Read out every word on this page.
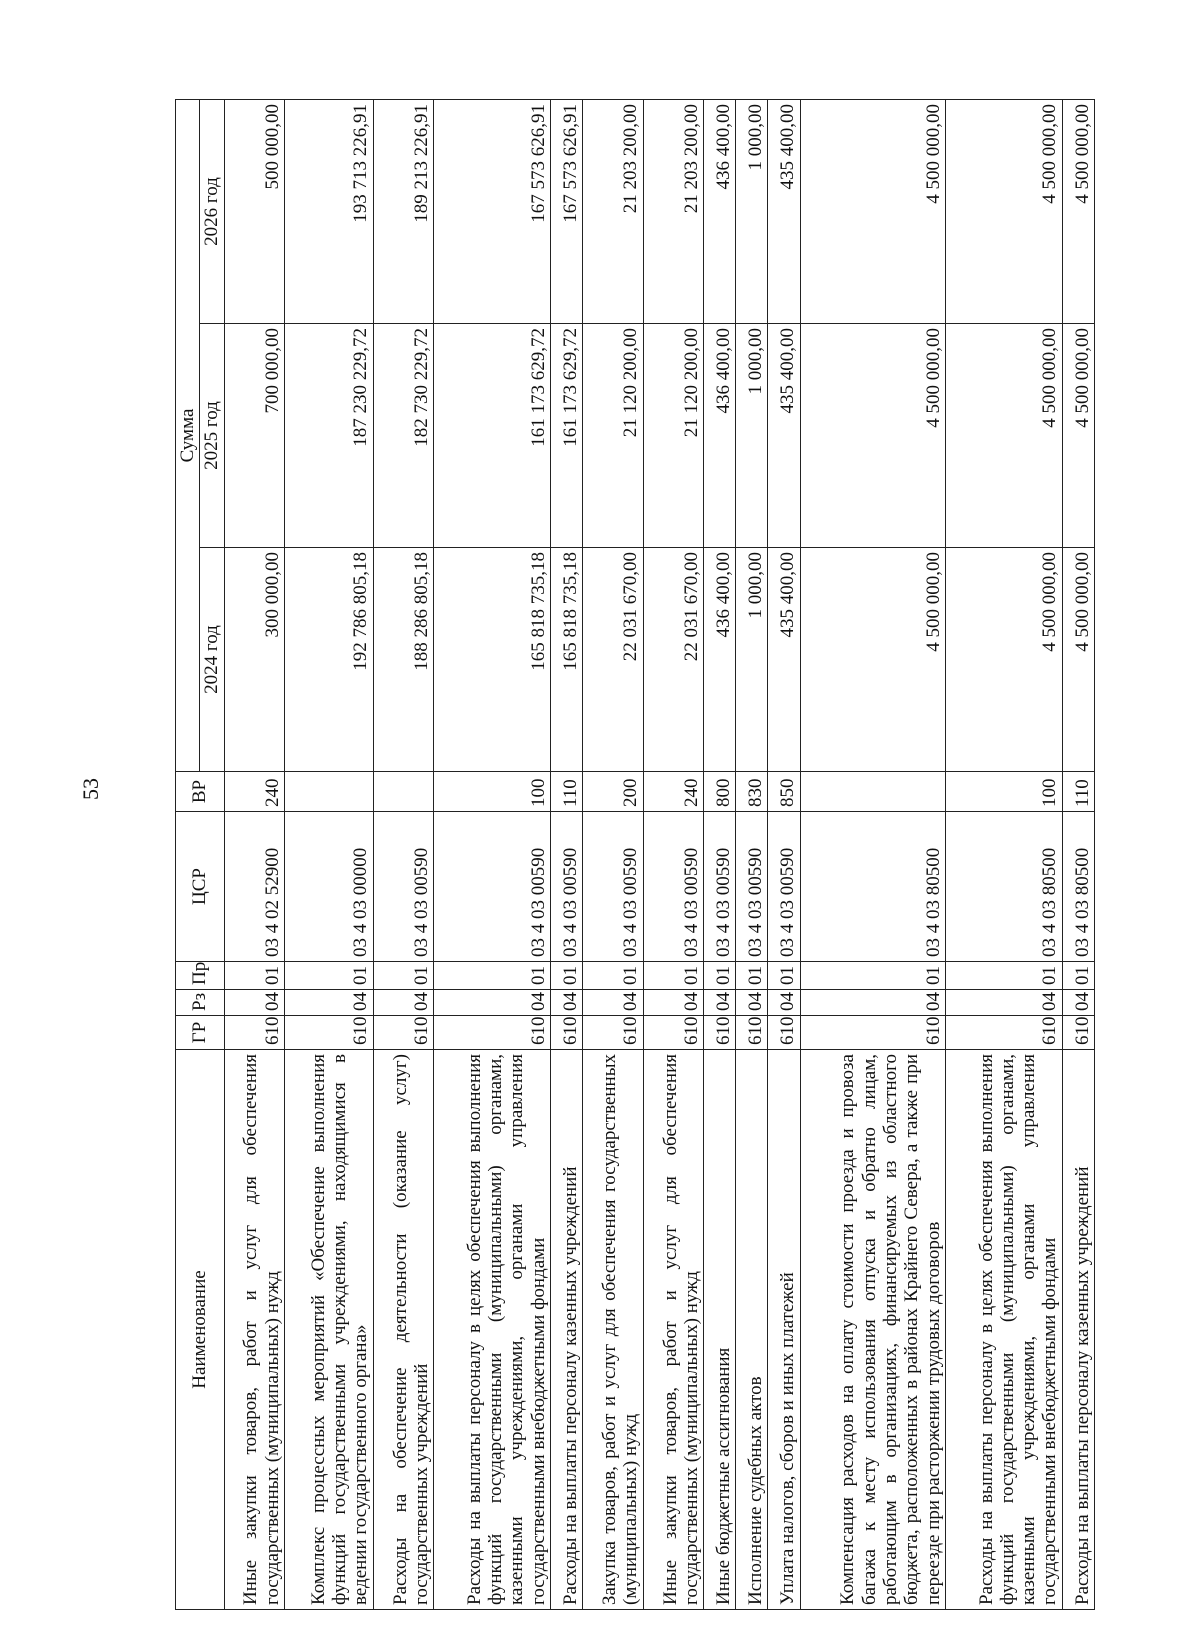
53
Наименование	ГР	Рз	Пр	ЦСР	ВР	Сумма		
						2024 год	2025 год	2026 год
Иные закупки товаров, работ и услуг для обеспечения государственных (муниципальных) нужд	610	04	01	03 4 02 52900	240	300 000,00	700 000,00	500 000,00
Комплекс процессных мероприятий «Обеспечение выполнения функций государственными учреждениями, находящимися в ведении государственного органа»	610	04	01	03 4 03 00000		192 786 805,18	187 230 229,72	193 713 226,91
Расходы на обеспечение деятельности (оказание услуг) государственных учреждений	610	04	01	03 4 03 00590		188 286 805,18	182 730 229,72	189 213 226,91
Расходы на выплаты персоналу в целях обеспечения выполнения функций государственными (муниципальными) органами, казенными учреждениями, органами управления государственными внебюджетными фондами	610	04	01	03 4 03 00590	100	165 818 735,18	161 173 629,72	167 573 626,91
Расходы на выплаты персоналу казенных учреждений	610	04	01	03 4 03 00590	110	165 818 735,18	161 173 629,72	167 573 626,91
Закупка товаров, работ и услуг для обеспечения государственных (муниципальных) нужд	610	04	01	03 4 03 00590	200	22 031 670,00	21 120 200,00	21 203 200,00
Иные закупки товаров, работ и услуг для обеспечения государственных (муниципальных) нужд	610	04	01	03 4 03 00590	240	22 031 670,00	21 120 200,00	21 203 200,00
Иные бюджетные ассигнования	610	04	01	03 4 03 00590	800	436 400,00	436 400,00	436 400,00
Исполнение судебных актов	610	04	01	03 4 03 00590	830	1 000,00	1 000,00	1 000,00
Уплата налогов, сборов и иных платежей	610	04	01	03 4 03 00590	850	435 400,00	435 400,00	435 400,00
Компенсация расходов на оплату стоимости проезда и провоза багажа к месту использования отпуска и обратно лицам, работающим в организациях, финансируемых из областного бюджета, расположенных в районах Крайнего Севера, а также при переезде при расторжении трудовых договоров	610	04	01	03 4 03 80500		4 500 000,00	4 500 000,00	4 500 000,00
Расходы на выплаты персоналу в целях обеспечения выполнения функций государственными (муниципальными) органами, казенными учреждениями, органами управления государственными внебюджетными фондами	610	04	01	03 4 03 80500	100	4 500 000,00	4 500 000,00	4 500 000,00
Расходы на выплаты персоналу казенных учреждений	610	04	01	03 4 03 80500	110	4 500 000,00	4 500 000,00	4 500 000,00
